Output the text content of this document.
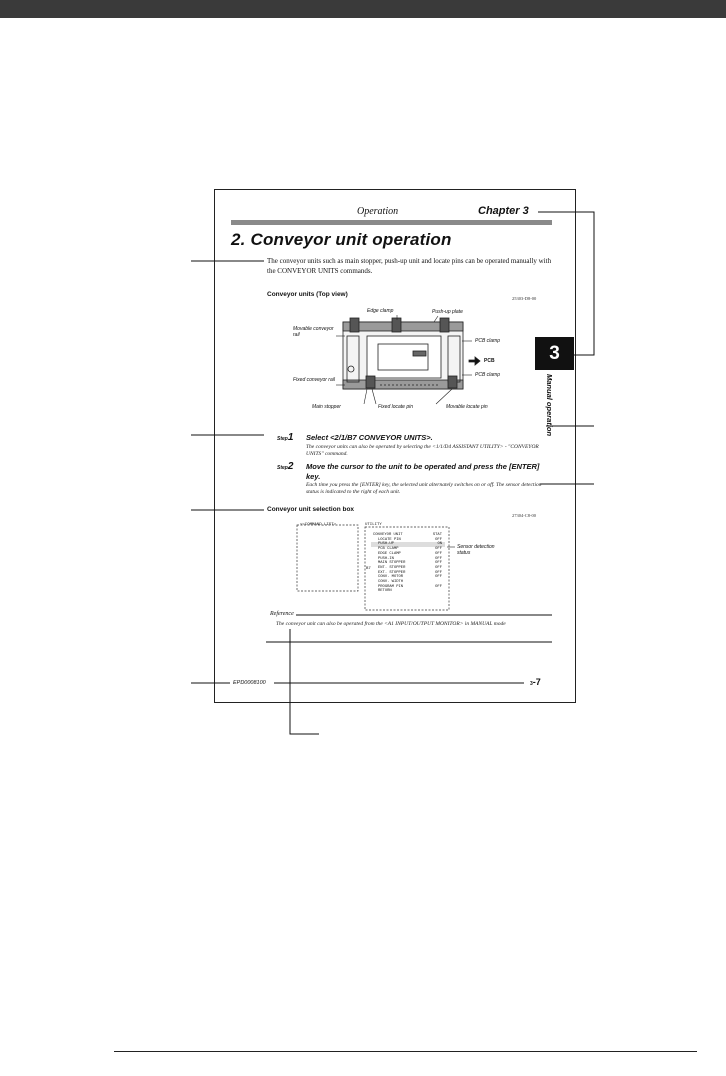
Operation	Chapter 3
2. Conveyor unit operation
The conveyor units such as main stopper, push-up unit and locate pins can be operated manually with the CONVEYOR UNITS commands.
Conveyor units (Top view)
25303-D8-00
Edge clamp	Push-up plate
Movable conveyor rail
PCB clamp
PCB
PCB clamp
Fixed conveyor rail
Main stopper	Fixed locate pin	Movable locate pin
Step1 Select <2/1/B7 CONVEYOR UNITS>.
The conveyor units can also be operated by selecting the <1/1/D4 ASSISTANT UTILITY> - "CONVEYOR UNITS" command.
Step2 Move the cursor to the unit to be operated and press the [ENTER] key.
Each time you press the [ENTER] key, the selected unit alternately switches on or off. The sensor detection status is indicated to the right of each unit.
Conveyor unit selection box
27304-C8-00
<<COMMAND_LIST>	UTILITY
B7
CONVEYOR UNIT	STAT
LOCATE PIN	OFF
PUSH-UP	ON
PCB CLAMP	OFF
EDGE CLAMP	OFF
PUSH-IN	OFF
MAIN STOPPER	OFF
ENT. STOPPER	OFF
EXT. STOPPER	OFF
CONV. MOTOR	OFF
CONV. WIDTH
PROGRAM PIN	OFF
RETURN
Sensor detection status
3
Manual operation
Reference
The conveyor unit can also be operated from the <A1 INPUT/OUTPUT MONITOR> in MANUAL mode
EPD0008100	3-7
